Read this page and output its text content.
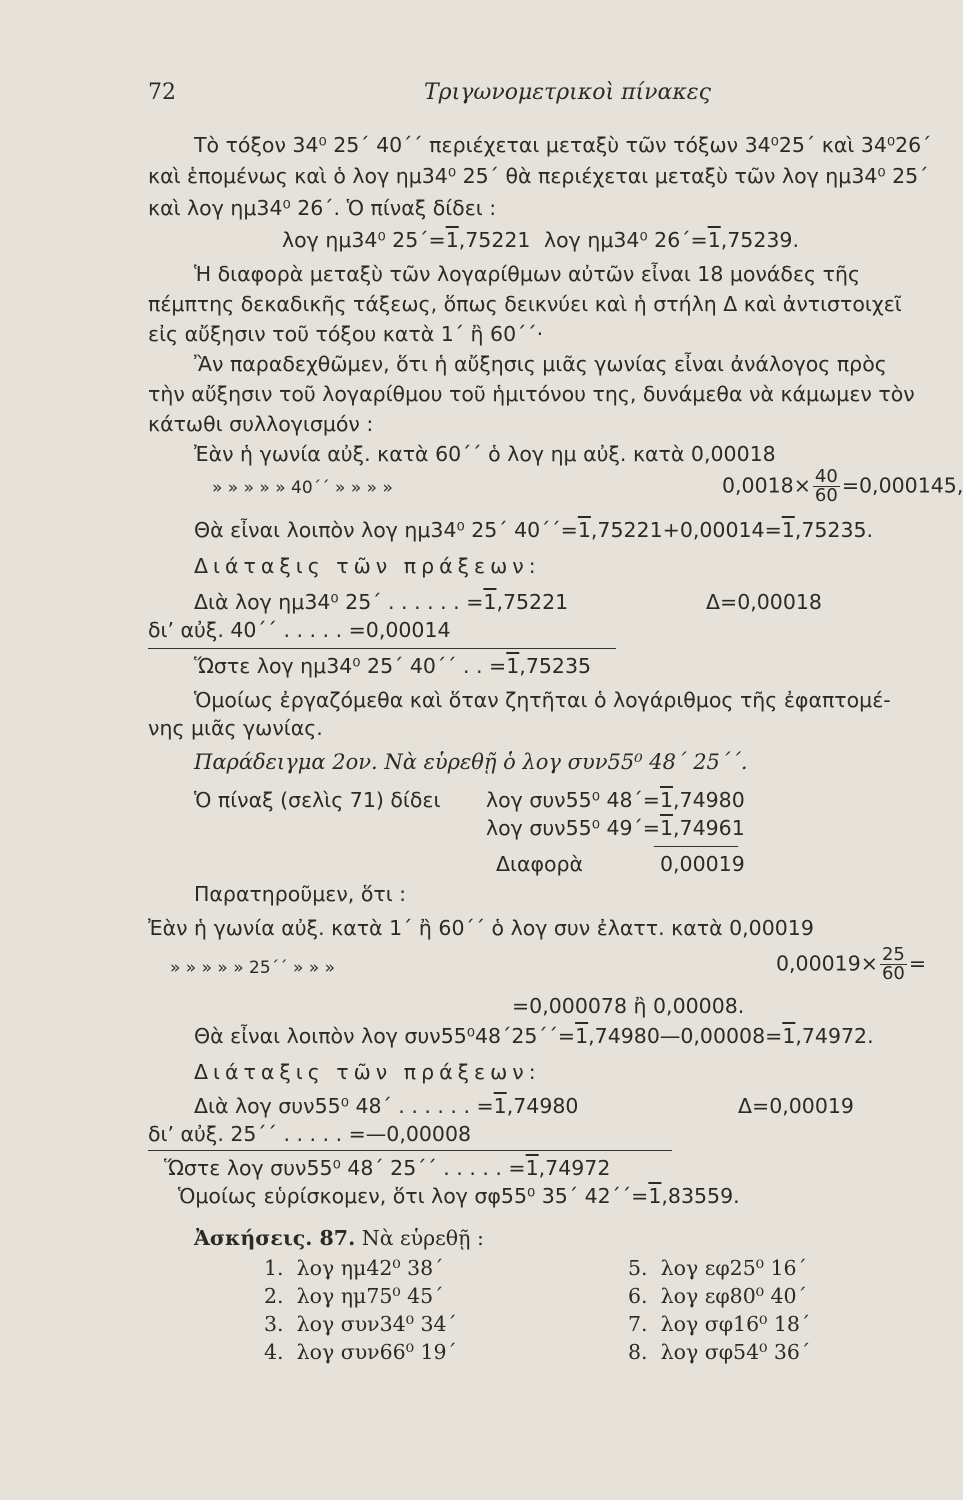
72	Τριγωνομετρικοὶ πίνακες
Τὸ τόξον 34⁰ 25΄ 40΄΄ περιέχεται μεταξὺ τῶν τόξων 34⁰25΄ καὶ 34⁰26΄
καὶ ἑπομένως καὶ ὁ λογ ημ34⁰ 25΄ θὰ περιέχεται μεταξὺ τῶν λογ ημ34⁰ 25΄
καὶ λογ ημ34⁰ 26΄. Ὁ πίναξ δίδει :
λογ ημ34⁰ 25΄=1,75221 λογ ημ34⁰ 26΄=1,75239.
Ἡ διαφορὰ μεταξὺ τῶν λογαρίθμων αὐτῶν εἶναι 18 μονάδες τῆς
πέμπτης δεκαδικῆς τάξεως, ὅπως δεικνύει καὶ ἡ στήλη Δ καὶ ἀντιστοιχεῖ
εἰς αὔξησιν τοῦ τόξου κατὰ 1΄ ἢ 60΄΄·
Ἂν παραδεχθῶμεν, ὅτι ἡ αὔξησις μιᾶς γωνίας εἶναι ἀνάλογος πρὸς
τὴν αὔξησιν τοῦ λογαρίθμου τοῦ ἡμιτόνου της, δυνάμεθα νὰ κάμωμεν τὸν
κάτωθι συλλογισμόν :
Ἐὰν ἡ γωνία αὐξ. κατὰ 60΄΄ ὁ λογ ημ αὐξ. κατὰ 0,00018
» » » » » 40΄΄ » » » »	$0,0018\times \frac{40}{60} =0,000145$,
Θὰ εἶναι λοιπὸν λογ ημ34⁰ 25΄ 40΄΄=1,75221+0,00014=1,75235.
Διάταξις τῶν πράξεων:
Διὰ λογ ημ34⁰ 25΄ . . . . . . =1,75221	Δ=0,00018
δι’ αὐξ. 40΄΄ . . . . . =0,00014
Ὥστε λογ ημ34⁰ 25΄ 40΄΄ . . =1,75235
Ὁμοίως ἐργαζόμεθα καὶ ὅταν ζητῆται ὁ λογάριθμος τῆς ἐφαπτομέ-
νης μιᾶς γωνίας.
Παράδειγμα 2ον. Νὰ εὑρεθῇ ὁ λογ συν55⁰ 48΄ 25΄΄.
Ὁ πίναξ (σελὶς 71) δίδει λογ συν55⁰ 48΄=1,74980
λογ συν55⁰ 49΄=1,74961
Διαφορὰ	0,00019
Παρατηροῦμεν, ὅτι :
Ἐὰν ἡ γωνία αὐξ. κατὰ 1΄ ἢ 60΄΄ ὁ λογ συν ἐλαττ. κατὰ 0,00019
» » » » » 25΄΄ » » »	$0,00019\times \frac{25}{60}$ =
=0,000078 ἢ 0,00008.
Θὰ εἶναι λοιπὸν λογ συν55⁰48΄25΄΄=1,74980—0,00008=1,74972.
Διάταξις τῶν πράξεων:
Διὰ λογ συν55⁰ 48΄ . . . . . . =1,74980	Δ=0,00019
δι’ αὐξ. 25΄΄ . . . . . =—0,00008
Ὥστε λογ συν55⁰ 48΄ 25΄΄ . . . . . =1,74972
Ὁμοίως εὑρίσκομεν, ὅτι λογ σφ55⁰ 35΄ 42΄΄=1,83559.
Ἀσκήσεις. 87. Νὰ εὑρεθῇ :
1. λογ ημ42⁰ 38΄
2. λογ ημ75⁰ 45΄
3. λογ συν34⁰ 34΄
4. λογ συν66⁰ 19΄
5. λογ εφ25⁰ 16΄
6. λογ εφ80⁰ 40΄
7. λογ σφ16⁰ 18΄
8. λογ σφ54⁰ 36΄
